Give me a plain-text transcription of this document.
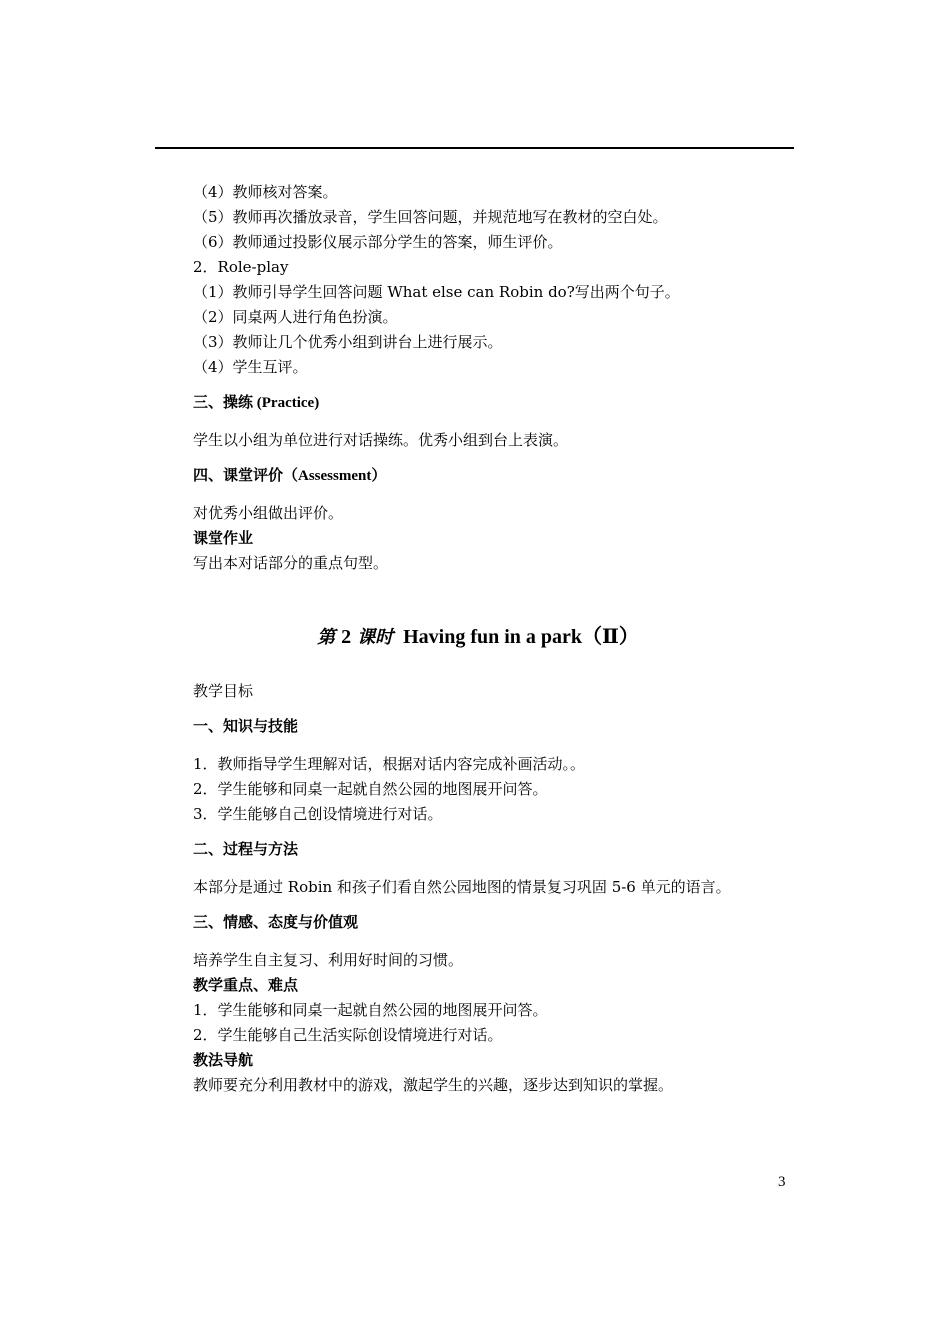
（4）教师核对答案。
（5）教师再次播放录音，学生回答问题，并规范地写在教材的空白处。
（6）教师通过投影仪展示部分学生的答案，师生评价。
2．Role-play
（1）教师引导学生回答问题 What else can Robin do?写出两个句子。
（2）同桌两人进行角色扮演。
（3）教师让几个优秀小组到讲台上进行展示。
（4）学生互评。
三、操练 (Practice)
学生以小组为单位进行对话操练。优秀小组到台上表演。
四、课堂评价（Assessment）
对优秀小组做出评价。
课堂作业
写出本对话部分的重点句型。
第 2 课时 Having fun in a park（Ⅱ）
教学目标
一、知识与技能
1．教师指导学生理解对话，根据对话内容完成补画活动。。
2．学生能够和同桌一起就自然公园的地图展开问答。
3．学生能够自己创设情境进行对话。
二、过程与方法
本部分是通过 Robin 和孩子们看自然公园地图的情景复习巩固 5-6 单元的语言。
三、情感、态度与价值观
培养学生自主复习、利用好时间的习惯。
教学重点、难点
1．学生能够和同桌一起就自然公园的地图展开问答。
2．学生能够自己生活实际创设情境进行对话。
教法导航
教师要充分利用教材中的游戏，激起学生的兴趣，逐步达到知识的掌握。
3
